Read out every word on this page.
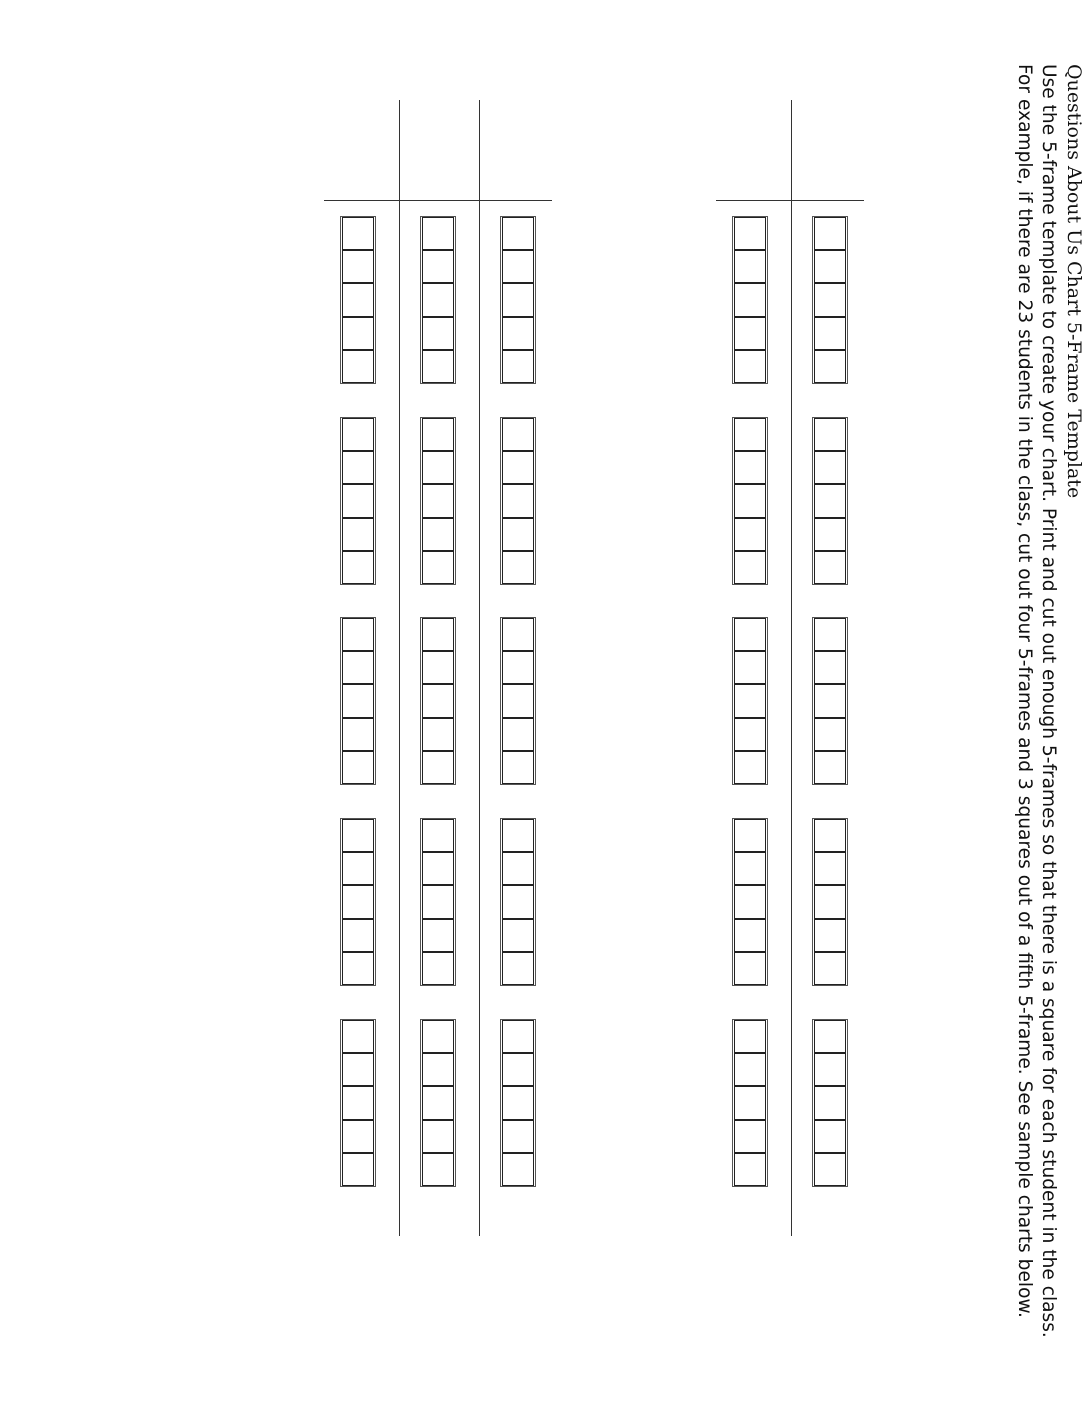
Questions About Us Chart 5-Frame Template

Use the 5-frame template to create your chart. Print and cut out enough 5-frames so that there is a square for each student in the class. For example, if there are 23 students in the class, cut out four 5-frames and 3 squares out of a fifth 5-frame. See sample charts below.
